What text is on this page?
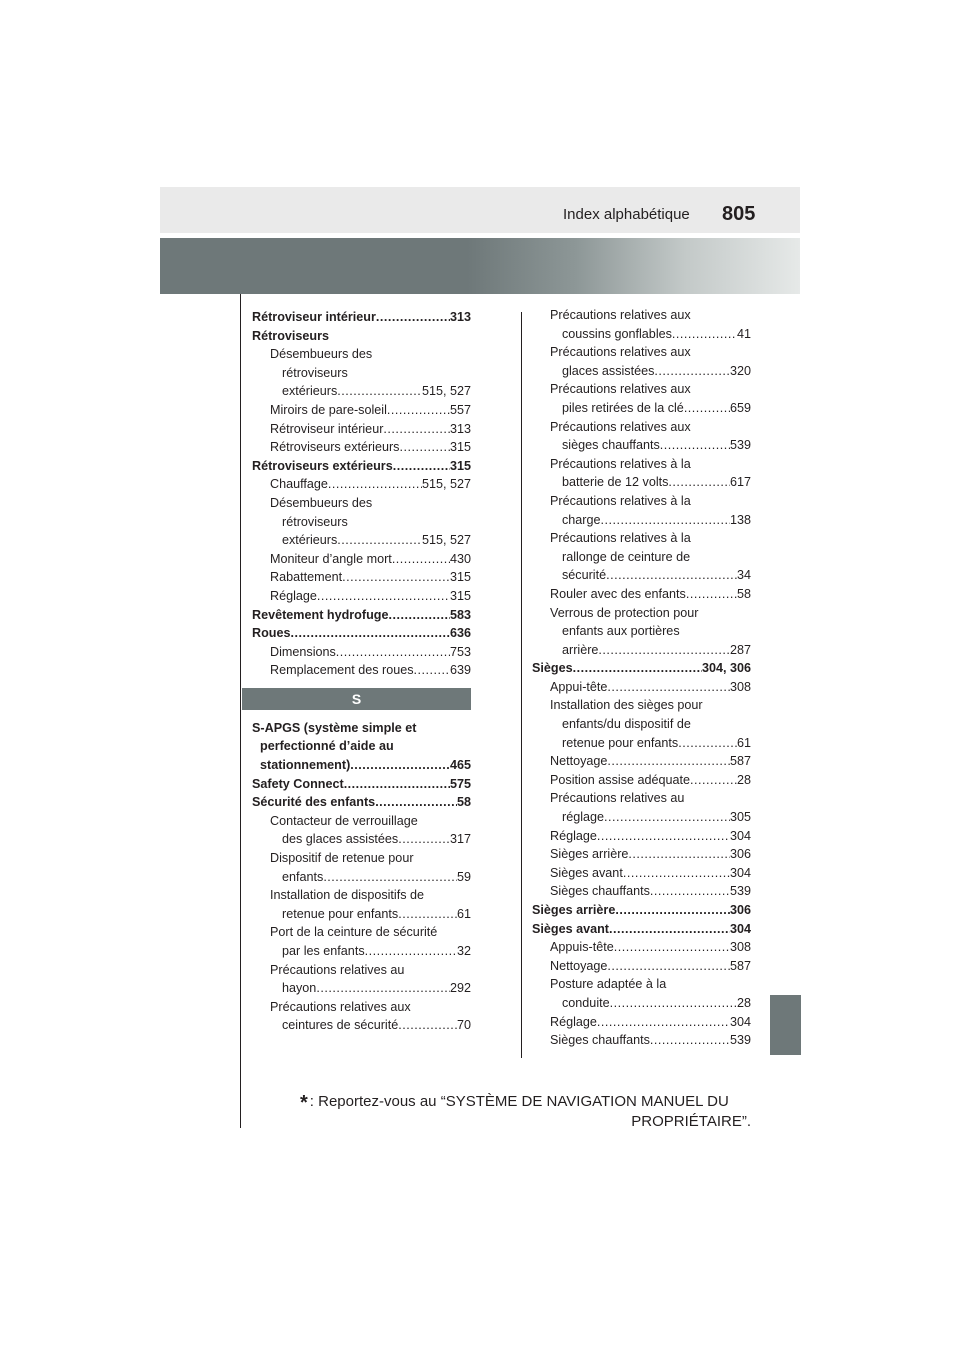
Index alphabétique 805
Rétroviseur intérieur .....	313
Rétroviseurs
Désembueurs des
rétroviseurs
extérieurs .....	515, 527
Miroirs de pare-soleil .....	557
Rétroviseur intérieur .....	313
Rétroviseurs extérieurs .....	315
Rétroviseurs extérieurs .....	315
Chauffage .....	515, 527
Désembueurs des
rétroviseurs
extérieurs .....	515, 527
Moniteur d’angle mort .....	430
Rabattement .....	315
Réglage .....	315
Revêtement hydrofuge .....	583
Roues .....	636
Dimensions .....	753
Remplacement des roues .....	639
S
S-APGS (système simple et
perfectionné d’aide au
stationnement) .....	465
Safety Connect .....	575
Sécurité des enfants .....	58
Contacteur de verrouillage
des glaces assistées .....	317
Dispositif de retenue pour
enfants .....	59
Installation de dispositifs de
retenue pour enfants .....	61
Port de la ceinture de sécurité
par les enfants .....	32
Précautions relatives au
hayon .....	292
Précautions relatives aux
ceintures de sécurité .....	70
Précautions relatives aux
coussins gonflables .....	41
Précautions relatives aux
glaces assistées .....	320
Précautions relatives aux
piles retirées de la clé .....	659
Précautions relatives aux
sièges chauffants .....	539
Précautions relatives à la
batterie de 12 volts .....	617
Précautions relatives à la
charge .....	138
Précautions relatives à la
rallonge de ceinture de
sécurité .....	34
Rouler avec des enfants .....	58
Verrous de protection pour
enfants aux portières
arrière .....	287
Sièges .....	304, 306
Appui-tête .....	308
Installation des sièges pour
enfants/du dispositif de
retenue pour enfants .....	61
Nettoyage .....	587
Position assise adéquate .....	28
Précautions relatives au
réglage .....	305
Réglage .....	304
Sièges arrière .....	306
Sièges avant .....	304
Sièges chauffants .....	539
Sièges arrière .....	306
Sièges avant .....	304
Appuis-tête .....	308
Nettoyage .....	587
Posture adaptée à la
conduite .....	28
Réglage .....	304
Sièges chauffants .....	539
* : Reportez-vous au “SYSTÈME DE NAVIGATION MANUEL DU
PROPRIÉTAIRE”.
